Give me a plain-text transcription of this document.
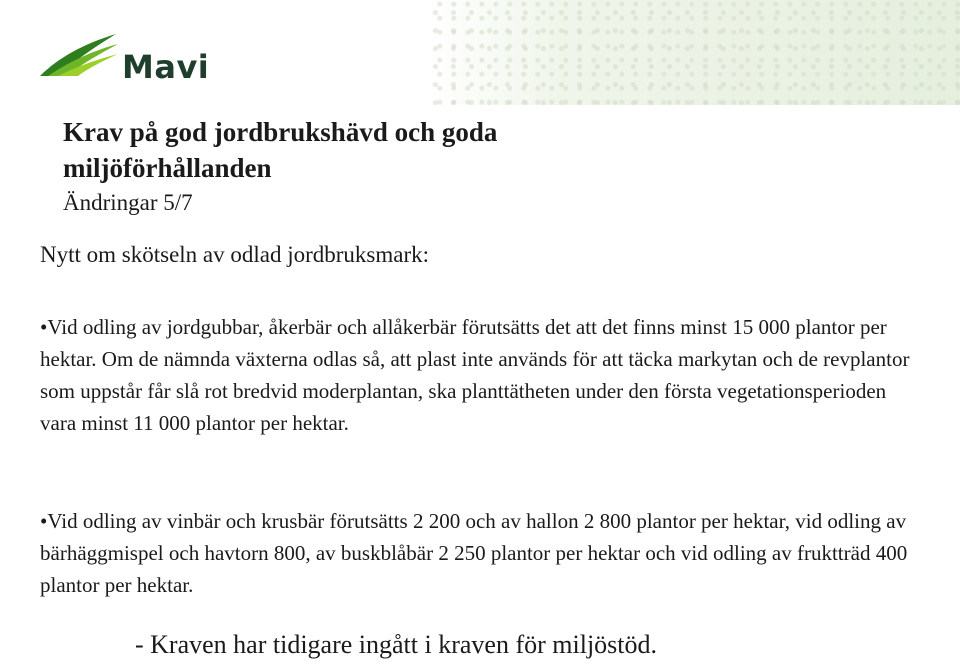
Mavi
Krav på god jordbrukshävd och goda miljöförhållanden
Ändringar 5/7
Nytt om skötseln av odlad jordbruksmark:

•Vid odling av jordgubbar, åkerbär och allåkerbär förutsätts det att det finns minst 15 000 plantor per hektar. Om de nämnda växterna odlas så, att plast inte används för att täcka markytan och de revplantor som uppstår får slå rot bredvid moderplantan, ska planttätheten under den första vegetationsperioden vara minst 11 000 plantor per hektar.

•Vid odling av vinbär och krusbär förutsätts 2 200 och av hallon 2 800 plantor per hektar, vid odling av bärhäggmispel och havtorn 800, av buskblåbär 2 250 plantor per hektar och vid odling av fruktträd 400 plantor per hektar.

- Kraven har tidigare ingått i kraven för miljöstöd.
